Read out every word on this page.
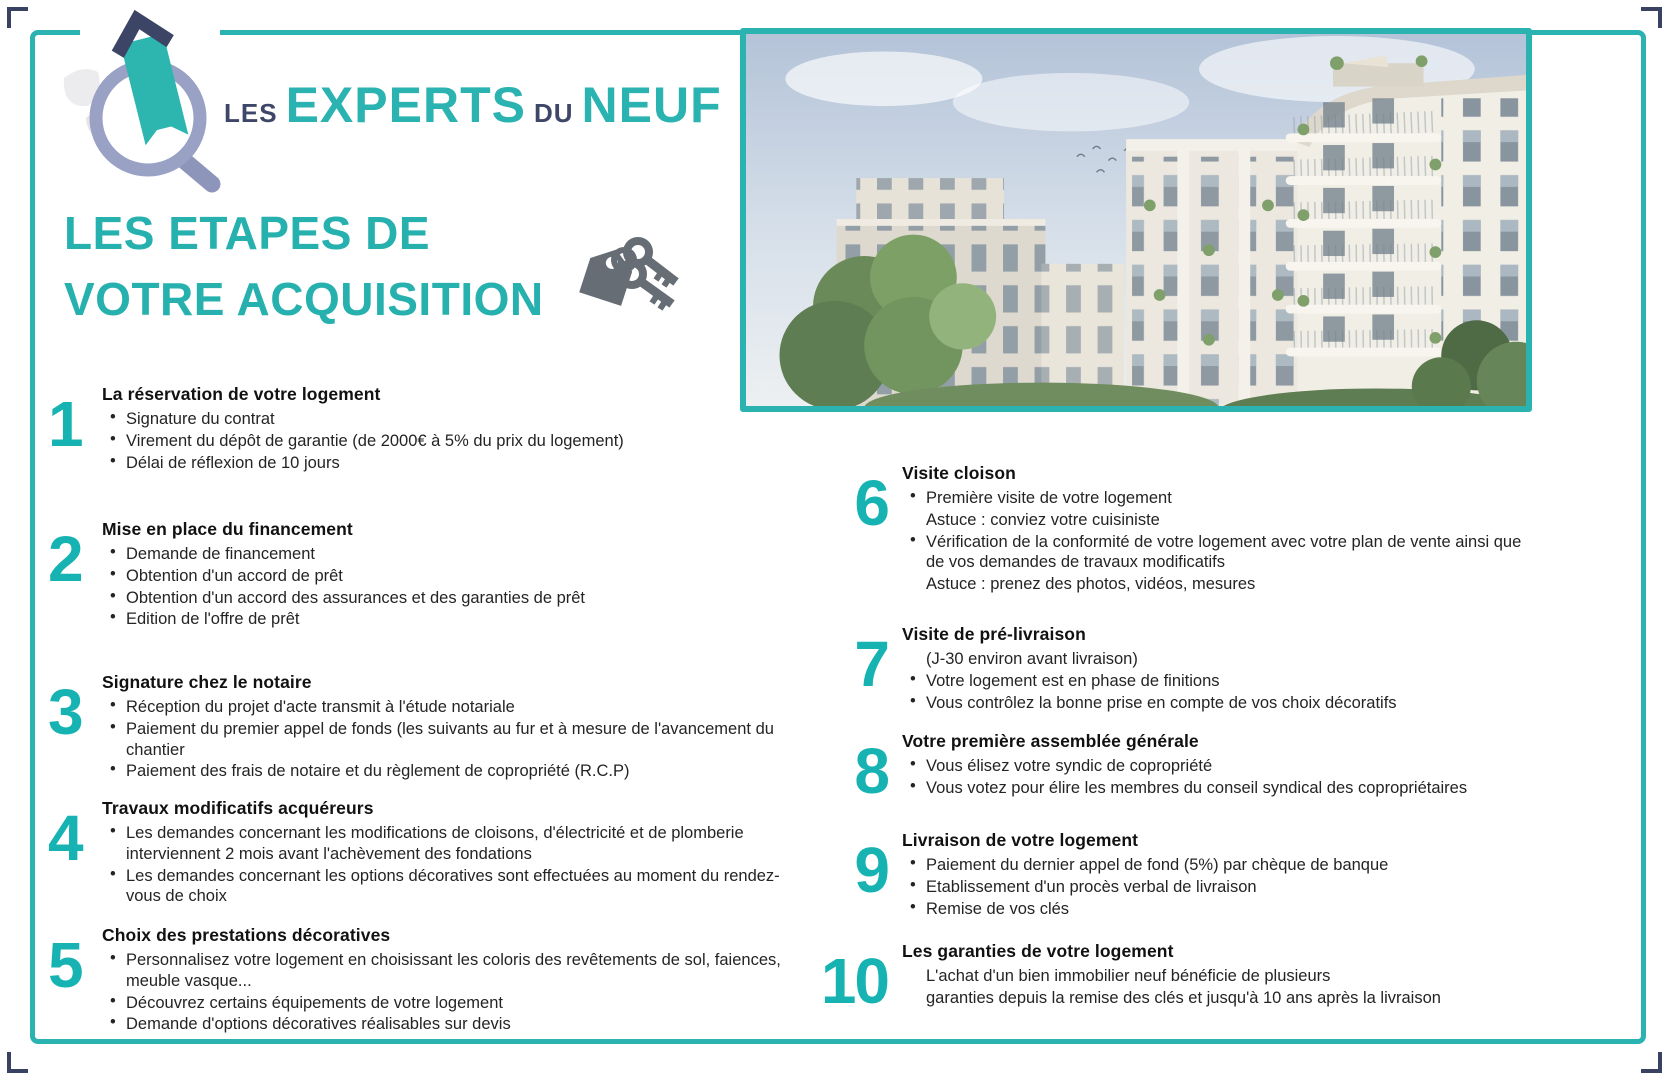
LES EXPERTS DU NEUF
LES ETAPES DE
VOTRE ACQUISITION
1	La réservation de votre logement
• Signature du contrat
• Virement du dépôt de garantie (de 2000€ à 5% du prix du logement)
• Délai de réflexion de 10 jours
2	Mise en place du financement
• Demande de financement
• Obtention d'un accord de prêt
• Obtention d'un accord des assurances et des garanties de prêt
• Edition de l'offre de prêt
3	Signature chez le notaire
• Réception du projet d'acte transmit à l'étude notariale
• Paiement du premier appel de fonds (les suivants au fur et à mesure de l'avancement du chantier
• Paiement des frais de notaire et du règlement de copropriété (R.C.P)
4	Travaux modificatifs acquéreurs
• Les demandes concernant les modifications de cloisons, d'électricité et de plomberie interviennent 2 mois avant l'achèvement des fondations
• Les demandes concernant les options décoratives sont effectuées au moment du rendez-vous de choix
5	Choix des prestations décoratives
• Personnalisez votre logement en choisissant les coloris des revêtements de sol, faiences, meuble vasque...
• Découvrez certains équipements de votre logement
• Demande d'options décoratives réalisables sur devis
6 Visite cloison
• Première visite de votre logement
Astuce : conviez votre cuisiniste
• Vérification de la conformité de votre logement avec votre plan de vente ainsi que de vos demandes de travaux modificatifs
Astuce : prenez des photos, vidéos, mesures
7 Visite de pré-livraison
(J-30 environ avant livraison)
• Votre logement est en phase de finitions
• Vous contrôlez la bonne prise en compte de vos choix décoratifs
8 Votre première assemblée générale
• Vous élisez votre syndic de copropriété
• Vous votez pour élire les membres du conseil syndical des copropriétaires
9 Livraison de votre logement
• Paiement du dernier appel de fond (5%) par chèque de banque
• Etablissement d'un procès verbal de livraison
• Remise de vos clés
10 Les garanties de votre logement
L'achat d'un bien immobilier neuf bénéficie de plusieurs
garanties depuis la remise des clés et jusqu'à 10 ans après la livraison
